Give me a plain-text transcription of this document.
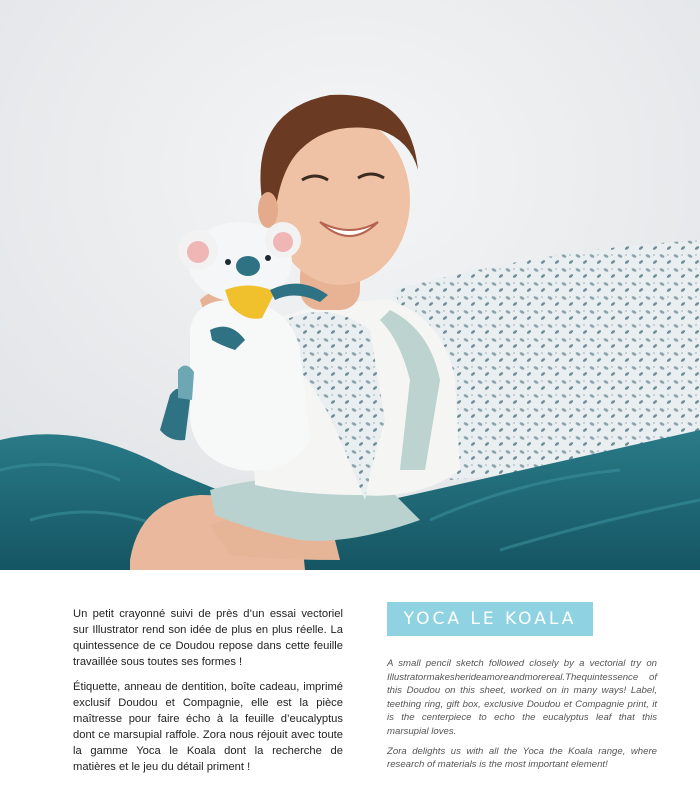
Un petit crayonné suivi de près d’un essai vectoriel sur Illustrator rend son idée de plus en plus réelle. La quintessence de ce Doudou repose dans cette feuille travaillée sous toutes ses formes !

Étiquette, anneau de dentition, boîte cadeau, imprimé exclusif Doudou et Compagnie, elle est la pièce maîtresse pour faire écho à la feuille d’eucalyptus dont ce marsupial raffole. Zora nous réjouit avec toute la gamme Yoca le Koala dont la recherche de matières et le jeu du détail priment !

YOCA LE KOALA

A small pencil sketch followed closely by a vectorial try on Illustratormakesherideamoreandmorereal.Thequintessence of this Doudou on this sheet, worked on in many ways! Label, teething ring, gift box, exclusive Doudou et Compagnie print, it is the centerpiece to echo the eucalyptus leaf that this marsupial loves.

Zora delights us with all the Yoca the Koala range, where research of materials is the most important element!
